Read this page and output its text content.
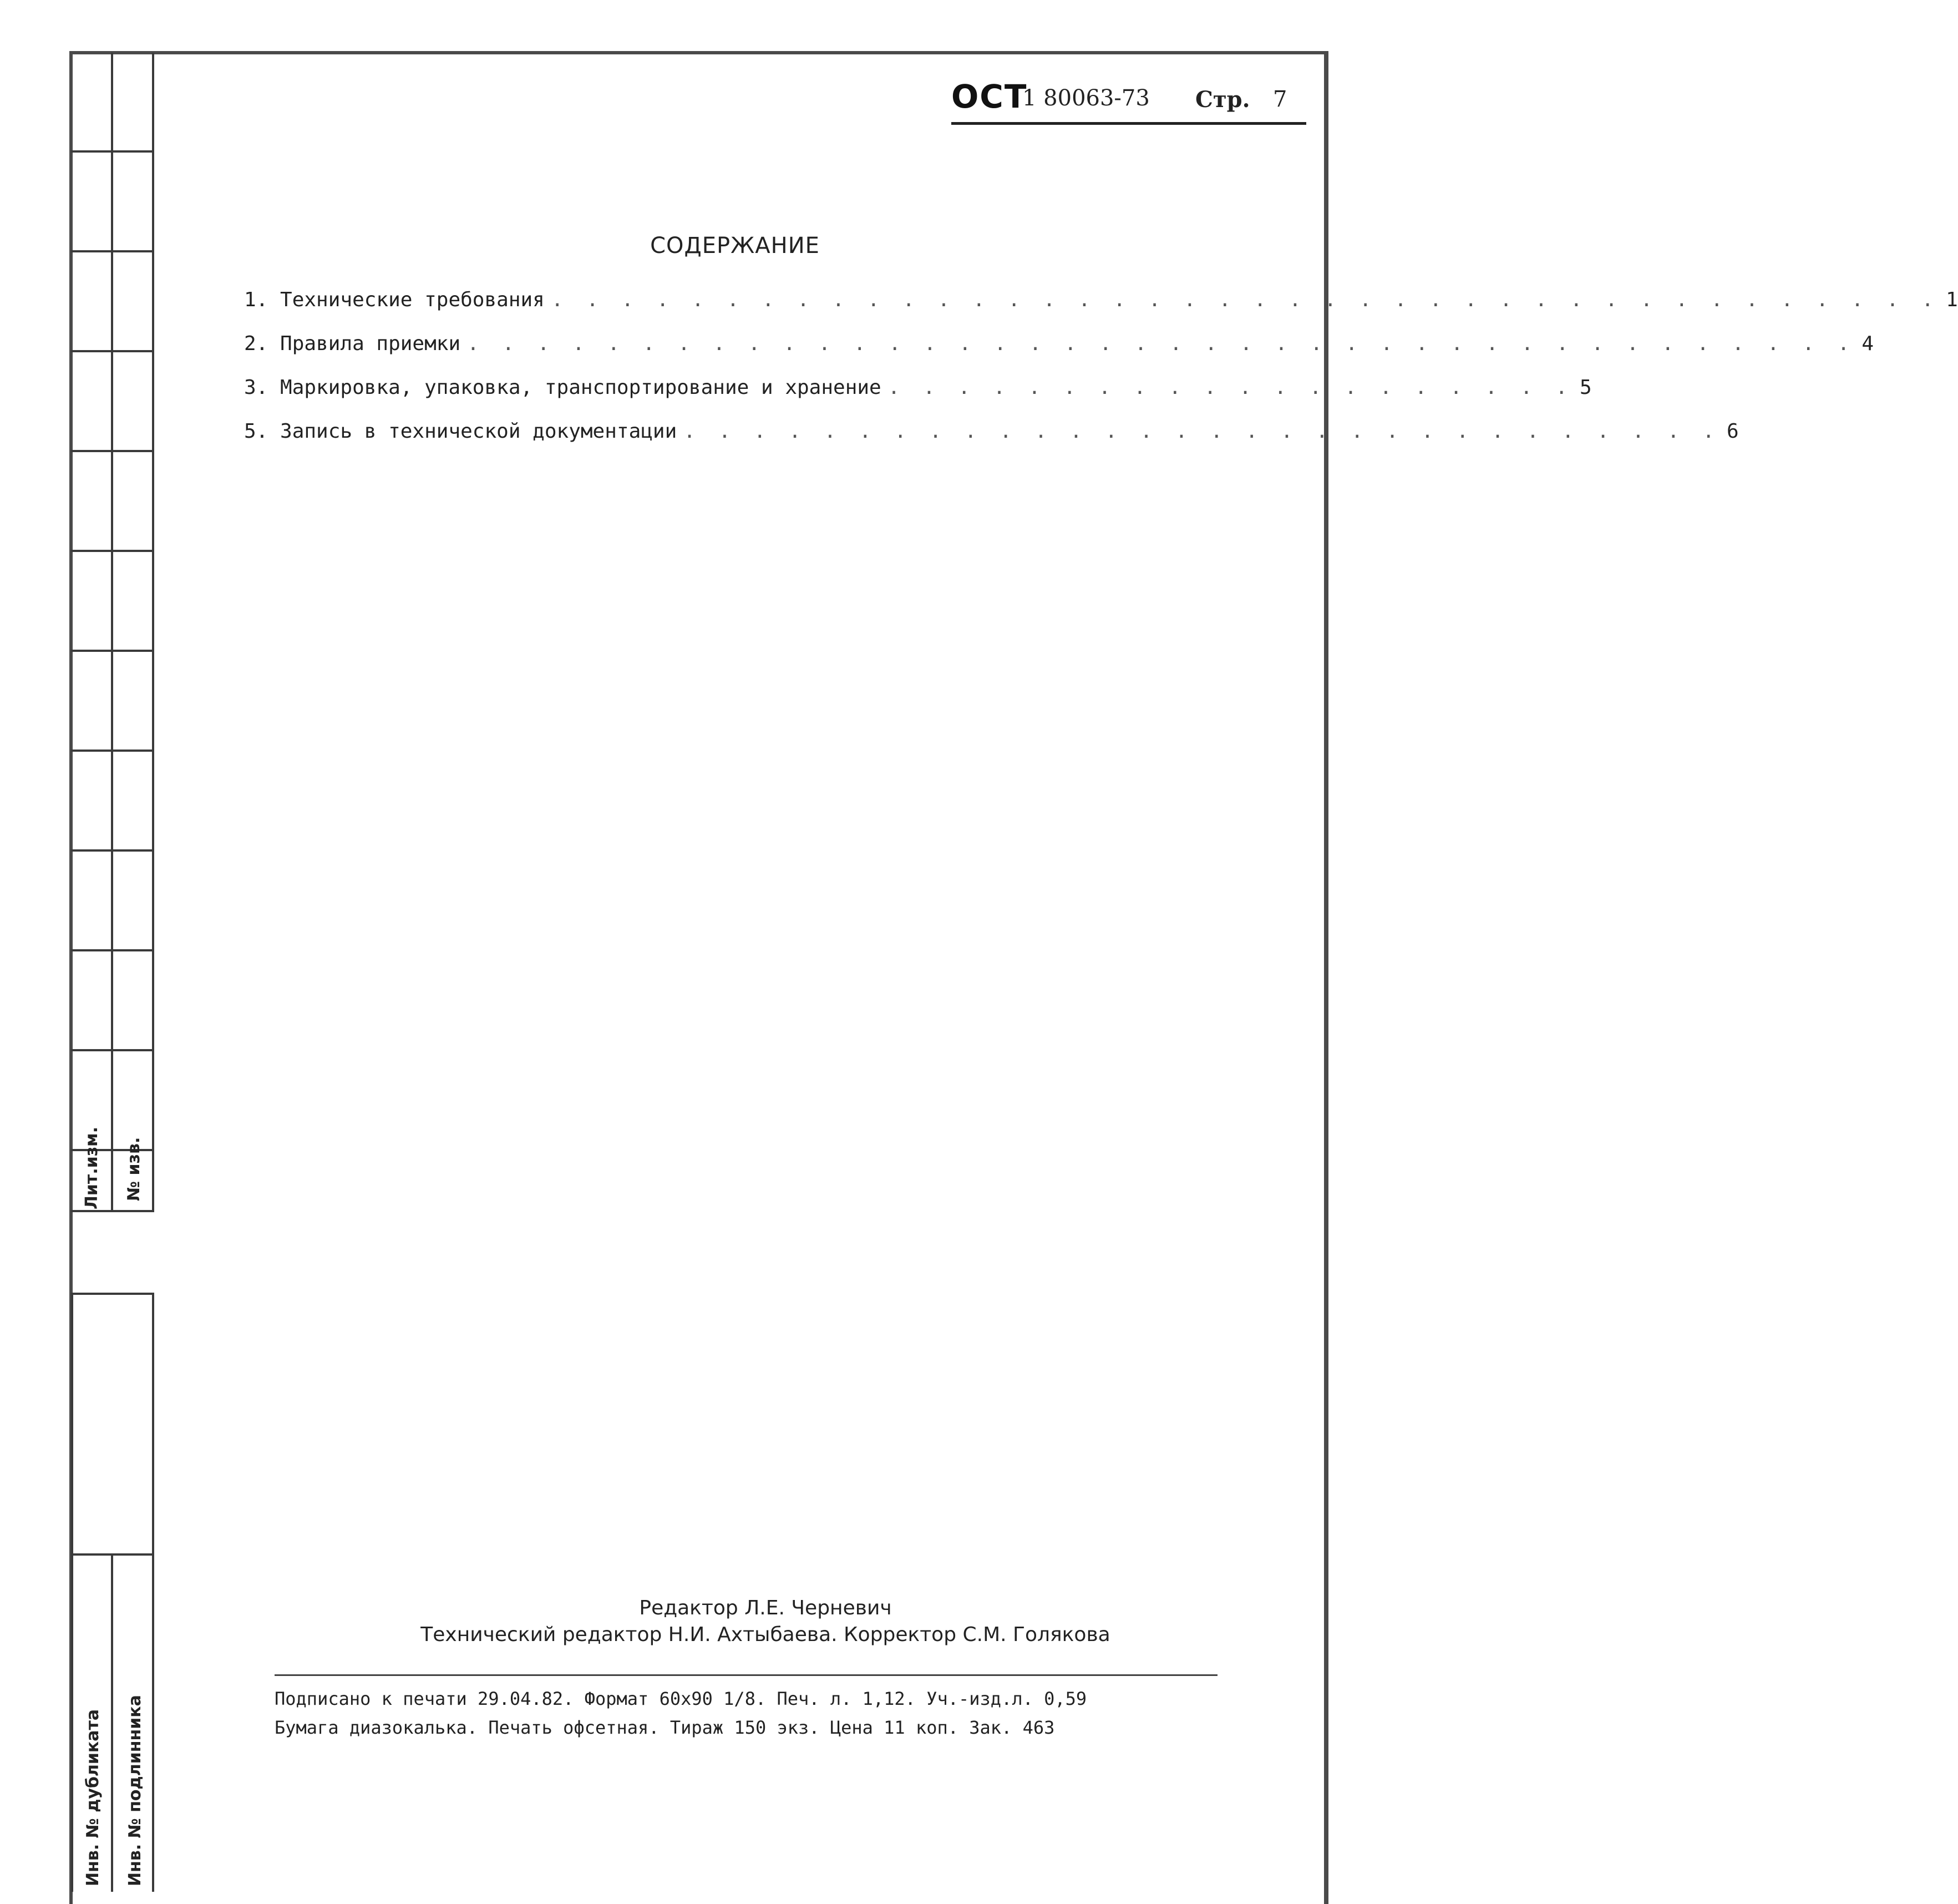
Лит.изм. № изв.
Инв. № дубликата Инв. № подлинника
ОСТ
1 80063-73 Стр. 7
СОДЕРЖАНИЕ
1. Технические требования . . . . . . . . . . . . . . . . . . . . . . . . . . . . . . . . . . . . . . . . 1
2. Правила приемки . . . . . . . . . . . . . . . . . . . . . . . . . . . . . . . . . . . . . . . . 4
3. Маркировка, упаковка, транспортирование и хранение . . . . . . . . . . . . . . . . . . . . 5
5. Запись в технической документации . . . . . . . . . . . . . . . . . . . . . . . . . . . . . . 6
Редактор Л.Е. Черневич
Технический редактор Н.И. Ахтыбаева. Корректор С.М. Голякова
Подписано к печати 29.04.82. Формат 60х90 1/8. Печ. л. 1,12. Уч.-изд.л. 0,59
Бумага диазокалька. Печать офсетная. Тираж 150 экз. Цена 11 коп. Зак. 463
